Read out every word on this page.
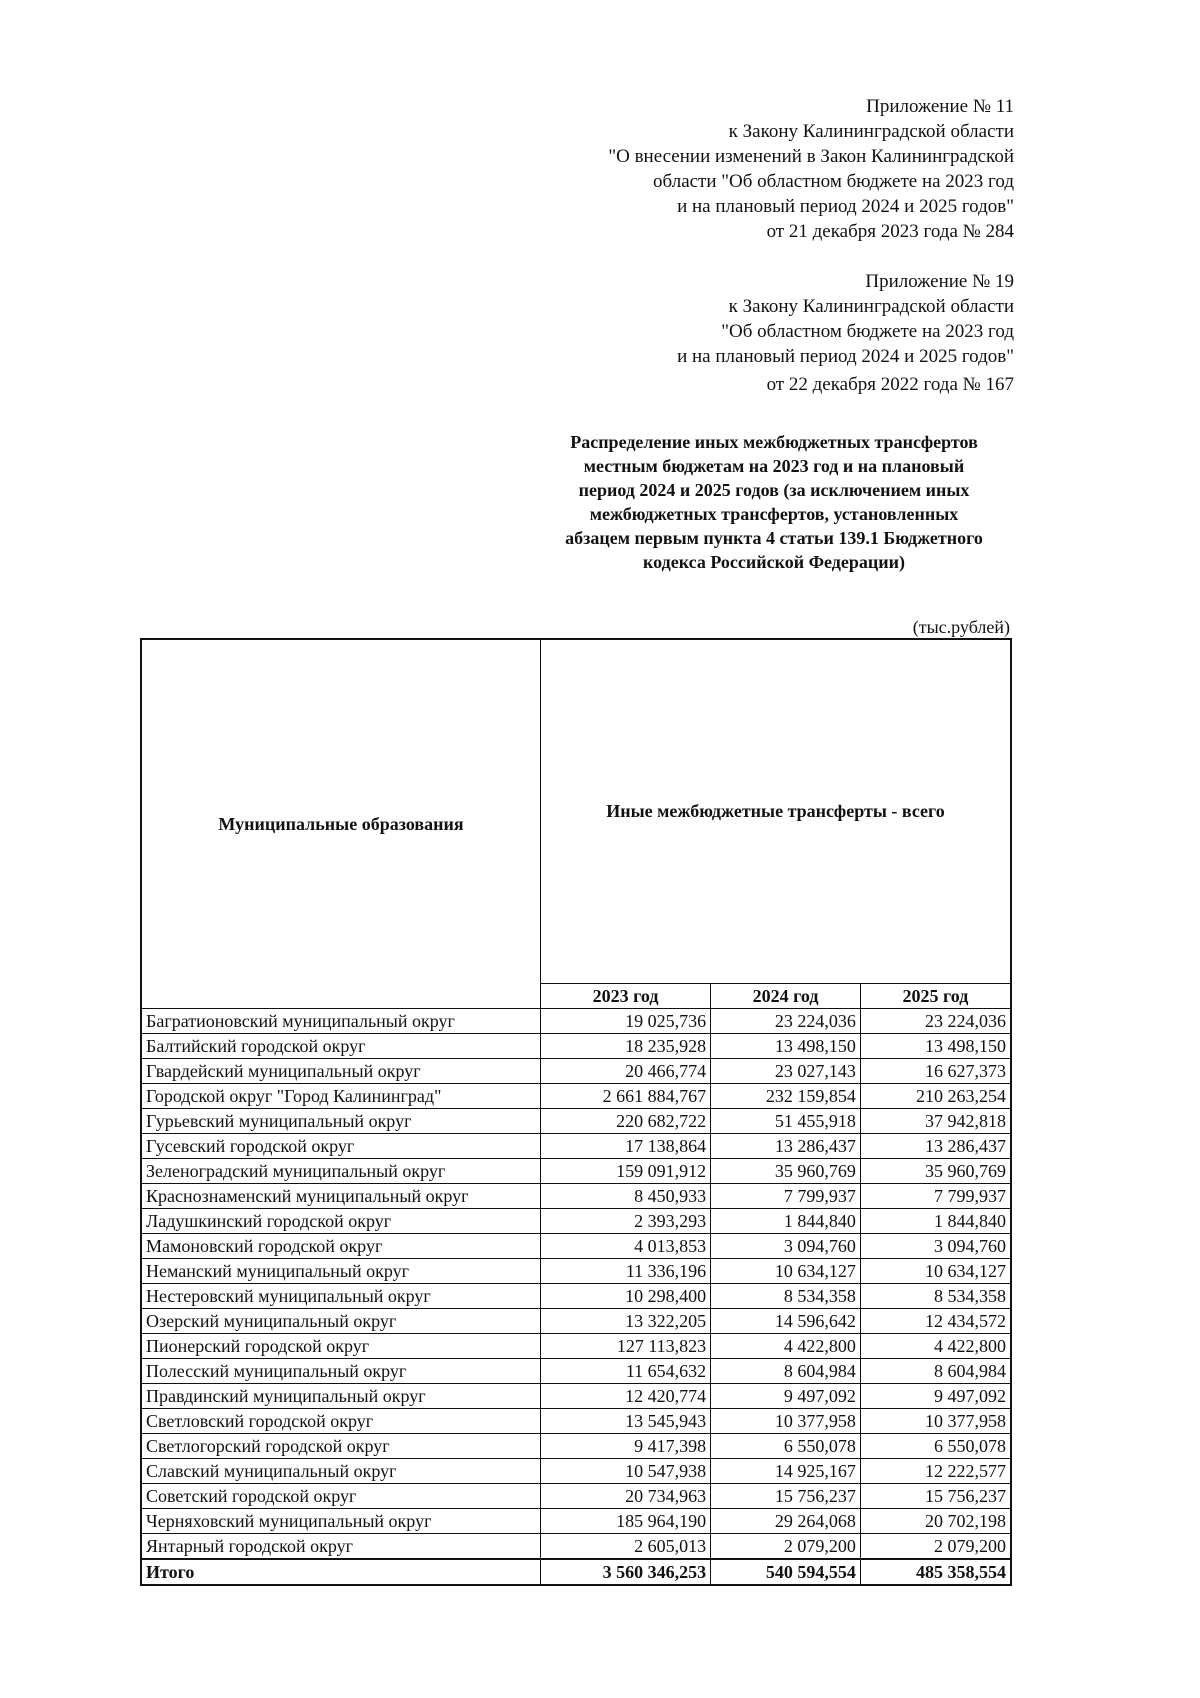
Приложение № 11
к Закону Калининградской области
"О внесении изменений в Закон Калининградской
области "Об областном бюджете на 2023 год
и на плановый период 2024 и 2025 годов"
от 21 декабря 2023 года № 284
Приложение № 19
к Закону Калининградской области
"Об областном бюджете на 2023 год
и на плановый период 2024 и 2025 годов"
от 22 декабря 2022 года № 167
Распределение иных межбюджетных трансфертов
местным бюджетам на 2023 год и на плановый
период 2024 и 2025 годов (за исключением иных
межбюджетных трансфертов, установленных
абзацем первым пункта 4 статьи 139.1 Бюджетного
кодекса Российской Федерации)
(тыс.рублей)
Муниципальные образования	Иные межбюджетные трансферты - всего		
	2023 год	2024 год	2025 год
Багратионовский муниципальный округ	19 025,736	23 224,036	23 224,036
Балтийский городской округ	18 235,928	13 498,150	13 498,150
Гвардейский муниципальный округ	20 466,774	23 027,143	16 627,373
Городской округ "Город Калининград"	2 661 884,767	232 159,854	210 263,254
Гурьевский муниципальный округ	220 682,722	51 455,918	37 942,818
Гусевский городской округ	17 138,864	13 286,437	13 286,437
Зеленоградский муниципальный округ	159 091,912	35 960,769	35 960,769
Краснознаменский муниципальный округ	8 450,933	7 799,937	7 799,937
Ладушкинский городской округ	2 393,293	1 844,840	1 844,840
Мамоновский городской округ	4 013,853	3 094,760	3 094,760
Неманский муниципальный округ	11 336,196	10 634,127	10 634,127
Нестеровский муниципальный округ	10 298,400	8 534,358	8 534,358
Озерский муниципальный округ	13 322,205	14 596,642	12 434,572
Пионерский городской округ	127 113,823	4 422,800	4 422,800
Полесский муниципальный округ	11 654,632	8 604,984	8 604,984
Правдинский муниципальный округ	12 420,774	9 497,092	9 497,092
Светловский городской округ	13 545,943	10 377,958	10 377,958
Светлогорский городской округ	9 417,398	6 550,078	6 550,078
Славский муниципальный округ	10 547,938	14 925,167	12 222,577
Советский городской округ	20 734,963	15 756,237	15 756,237
Черняховский муниципальный округ	185 964,190	29 264,068	20 702,198
Янтарный городской округ	2 605,013	2 079,200	2 079,200
Итого	3 560 346,253	540 594,554	485 358,554
